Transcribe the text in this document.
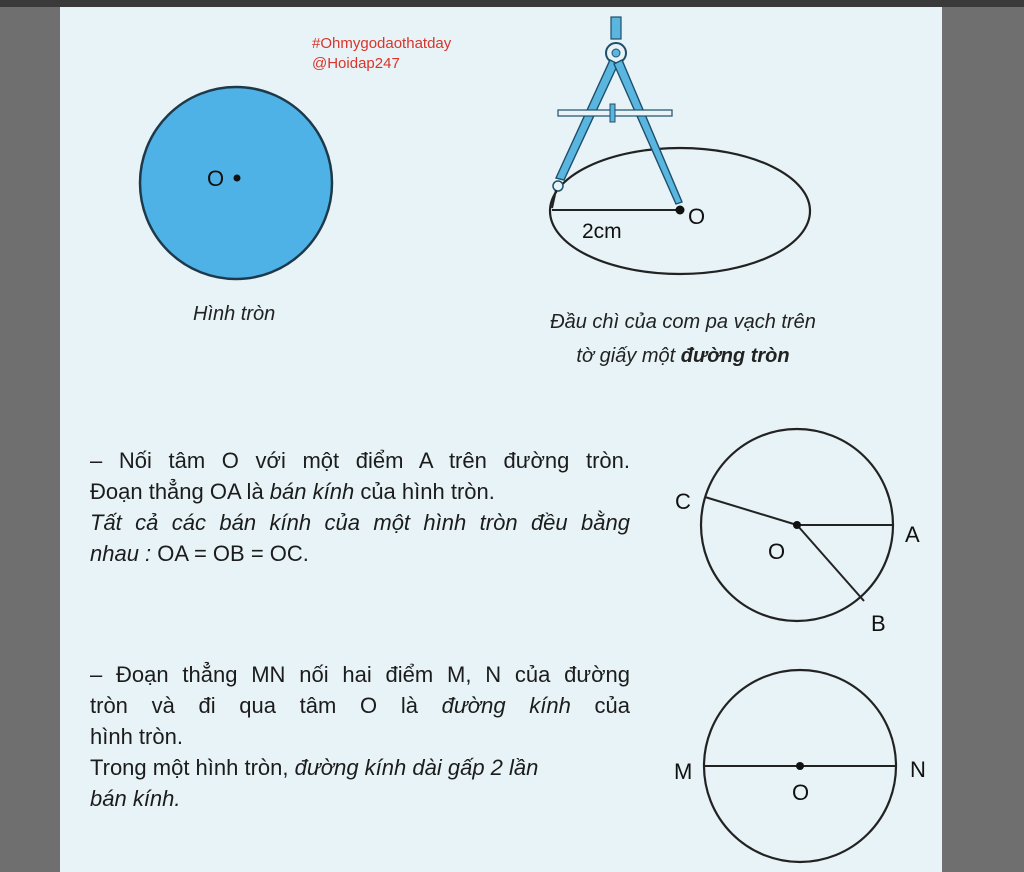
#Ohmygodaothatday
@Hoidap247
O
Hình tròn
O
2cm
Đầu chì của com pa vạch trên
tờ giấy một đường tròn
– Nối tâm O với một điểm A trên đường tròn.
Đoạn thẳng OA là bán kính của hình tròn.
Tất cả các bán kính của một hình tròn đều bằng
nhau : OA = OB = OC.	O
A
B
C
– Đoạn thẳng MN nối hai điểm M, N của đường
tròn và đi qua tâm O là đường kính của
hình tròn.
Trong một hình tròn, đường kính dài gấp 2 lần
bán kính.	O
M	N
